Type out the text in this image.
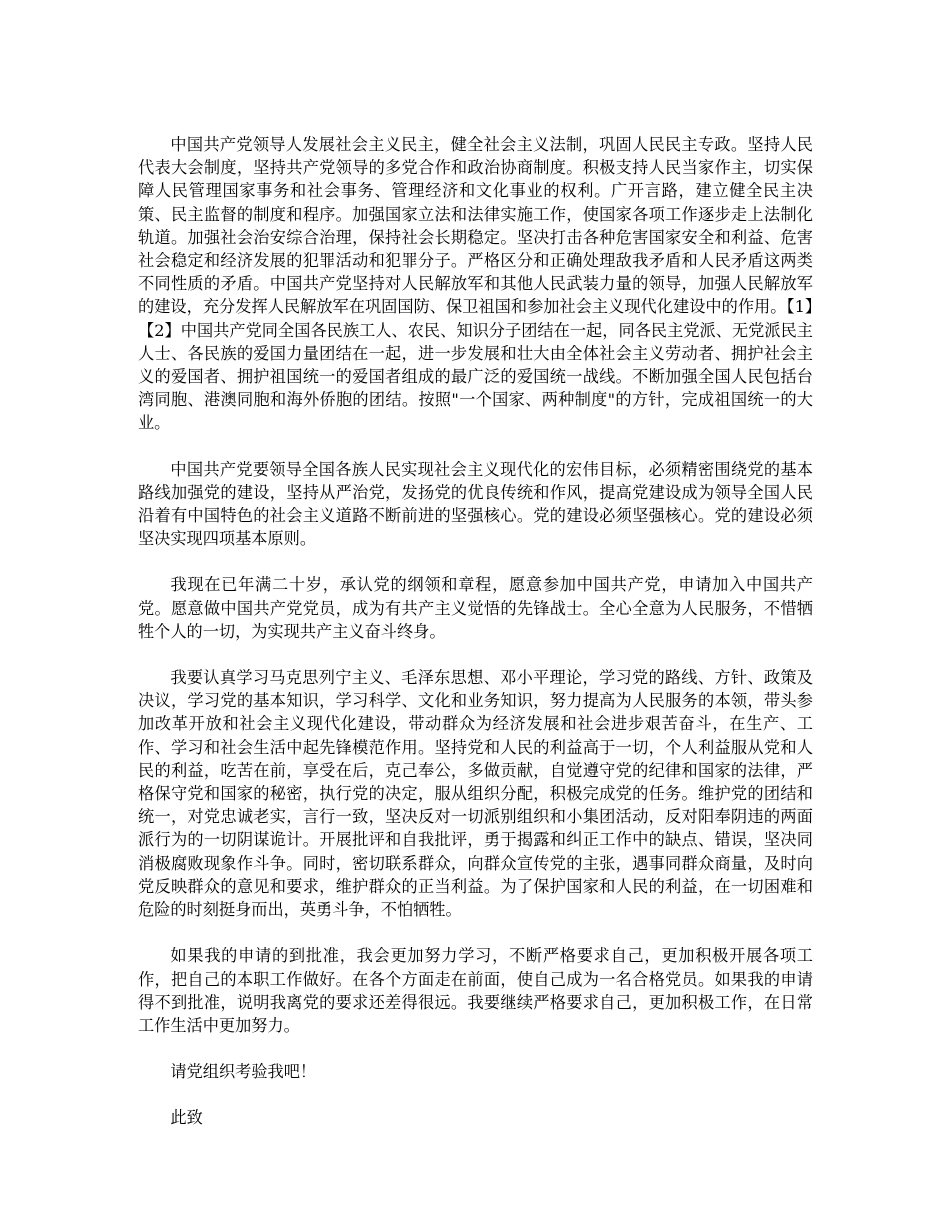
中国共产党领导人发展社会主义民主，健全社会主义法制，巩固人民民主专政。坚持人民代表大会制度，坚持共产党领导的多党合作和政治协商制度。积极支持人民当家作主，切实保障人民管理国家事务和社会事务、管理经济和文化事业的权利。广开言路，建立健全民主决策、民主监督的制度和程序。加强国家立法和法律实施工作，使国家各项工作逐步走上法制化轨道。加强社会治安综合治理，保持社会长期稳定。坚决打击各种危害国家安全和利益、危害社会稳定和经济发展的犯罪活动和犯罪分子。严格区分和正确处理敌我矛盾和人民矛盾这两类不同性质的矛盾。中国共产党坚持对人民解放军和其他人民武装力量的领导，加强人民解放军的建设，充分发挥人民解放军在巩固国防、保卫祖国和参加社会主义现代化建设中的作用。【1】【2】中国共产党同全国各民族工人、农民、知识分子团结在一起，同各民主党派、无党派民主人士、各民族的爱国力量团结在一起，进一步发展和壮大由全体社会主义劳动者、拥护社会主义的爱国者、拥护祖国统一的爱国者组成的最广泛的爱国统一战线。不断加强全国人民包括台湾同胞、港澳同胞和海外侨胞的团结。按照"一个国家、两种制度"的方针，完成祖国统一的大业。

中国共产党要领导全国各族人民实现社会主义现代化的宏伟目标，必须精密围绕党的基本路线加强党的建设，坚持从严治党，发扬党的优良传统和作风，提高党建设成为领导全国人民沿着有中国特色的社会主义道路不断前进的坚强核心。党的建设必须坚强核心。党的建设必须坚决实现四项基本原则。

我现在已年满二十岁，承认党的纲领和章程，愿意参加中国共产党，申请加入中国共产党。愿意做中国共产党党员，成为有共产主义觉悟的先锋战士。全心全意为人民服务，不惜牺牲个人的一切，为实现共产主义奋斗终身。

我要认真学习马克思列宁主义、毛泽东思想、邓小平理论，学习党的路线、方针、政策及决议，学习党的基本知识，学习科学、文化和业务知识，努力提高为人民服务的本领，带头参加改革开放和社会主义现代化建设，带动群众为经济发展和社会进步艰苦奋斗，在生产、工作、学习和社会生活中起先锋模范作用。坚持党和人民的利益高于一切，个人利益服从党和人民的利益，吃苦在前，享受在后，克己奉公，多做贡献，自觉遵守党的纪律和国家的法律，严格保守党和国家的秘密，执行党的决定，服从组织分配，积极完成党的任务。维护党的团结和统一，对党忠诚老实，言行一致，坚决反对一切派别组织和小集团活动，反对阳奉阴违的两面派行为的一切阴谋诡计。开展批评和自我批评，勇于揭露和纠正工作中的缺点、错误，坚决同消极腐败现象作斗争。同时，密切联系群众，向群众宣传党的主张，遇事同群众商量，及时向党反映群众的意见和要求，维护群众的正当利益。为了保护国家和人民的利益，在一切困难和危险的时刻挺身而出，英勇斗争，不怕牺牲。

如果我的申请的到批准，我会更加努力学习，不断严格要求自己，更加积极开展各项工作，把自己的本职工作做好。在各个方面走在前面，使自己成为一名合格党员。如果我的申请得不到批准，说明我离党的要求还差得很远。我要继续严格要求自己，更加积极工作，在日常工作生活中更加努力。

请党组织考验我吧！

此致
